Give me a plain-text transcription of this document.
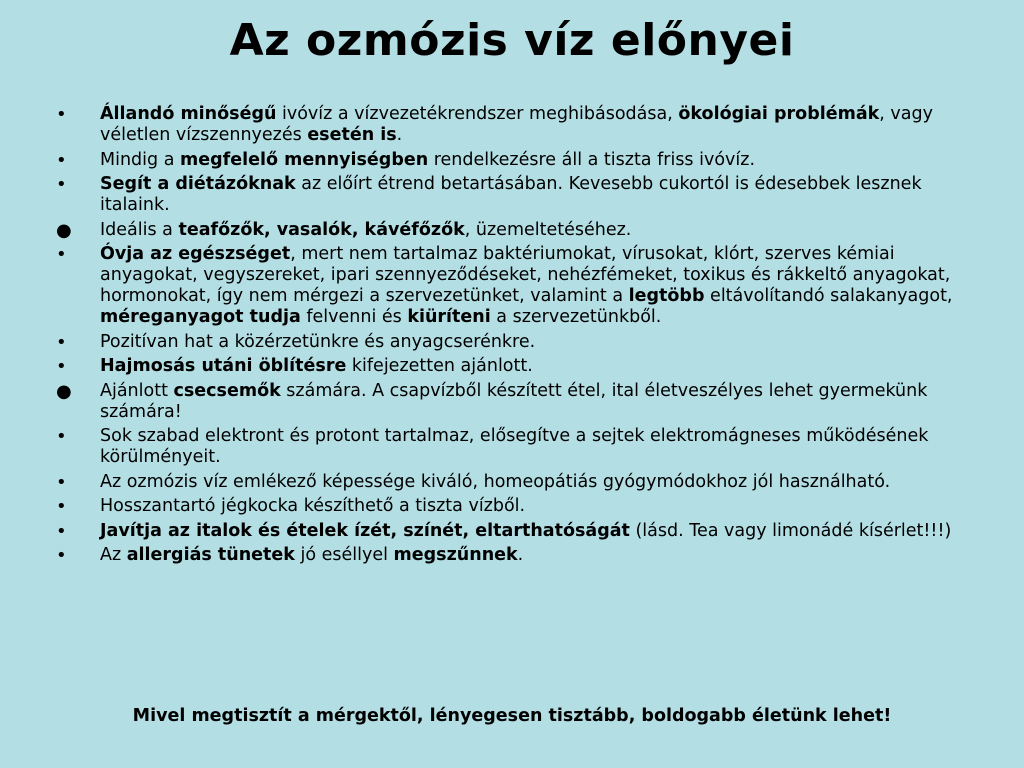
Az ozmózis víz előnyei
•	Állandó minőségű ivóvíz a vízvezetékrendszer meghibásodása, ökológiai problémák, vagy véletlen vízszennyezés esetén is.
•	Mindig a megfelelő mennyiségben rendelkezésre áll a tiszta friss ivóvíz.
•	Segít a diétázóknak az előírt étrend betartásában. Kevesebb cukortól is édesebbek lesznek italaink.
● Ideális a teafőzők, vasalók, kávéfőzők, üzemeltetéséhez.
•	Óvja az egészséget, mert nem tartalmaz baktériumokat, vírusokat, klórt, szerves kémiai anyagokat, vegyszereket, ipari szennyeződéseket, nehézfémeket, toxikus és rákkeltő anyagokat, hormonokat, így nem mérgezi a szervezetünket, valamint a legtöbb eltávolítandó salakanyagot, méreganyagot tudja felvenni és kiüríteni a szervezetünkből.
•	Pozitívan hat a közérzetünkre és anyagcserénkre.
•	Hajmosás utáni öblítésre kifejezetten ajánlott.
● Ajánlott csecsemők számára. A csapvízből készített étel, ital életveszélyes lehet gyermekünk számára!
•	Sok szabad elektront és protont tartalmaz, elősegítve a sejtek elektromágneses működésének körülményeit.
•	Az ozmózis víz emlékező képessége kiváló, homeopátiás gyógymódokhoz jól használható.
•	Hosszantartó jégkocka készíthető a tiszta vízből.
•	Javítja az italok és ételek ízét, színét, eltarthatóságát (lásd. Tea vagy limonádé kísérlet!!!)
•	Az allergiás tünetek jó eséllyel megszűnnek.

Mivel megtisztít a mérgektől, lényegesen tisztább, boldogabb életünk lehet!
